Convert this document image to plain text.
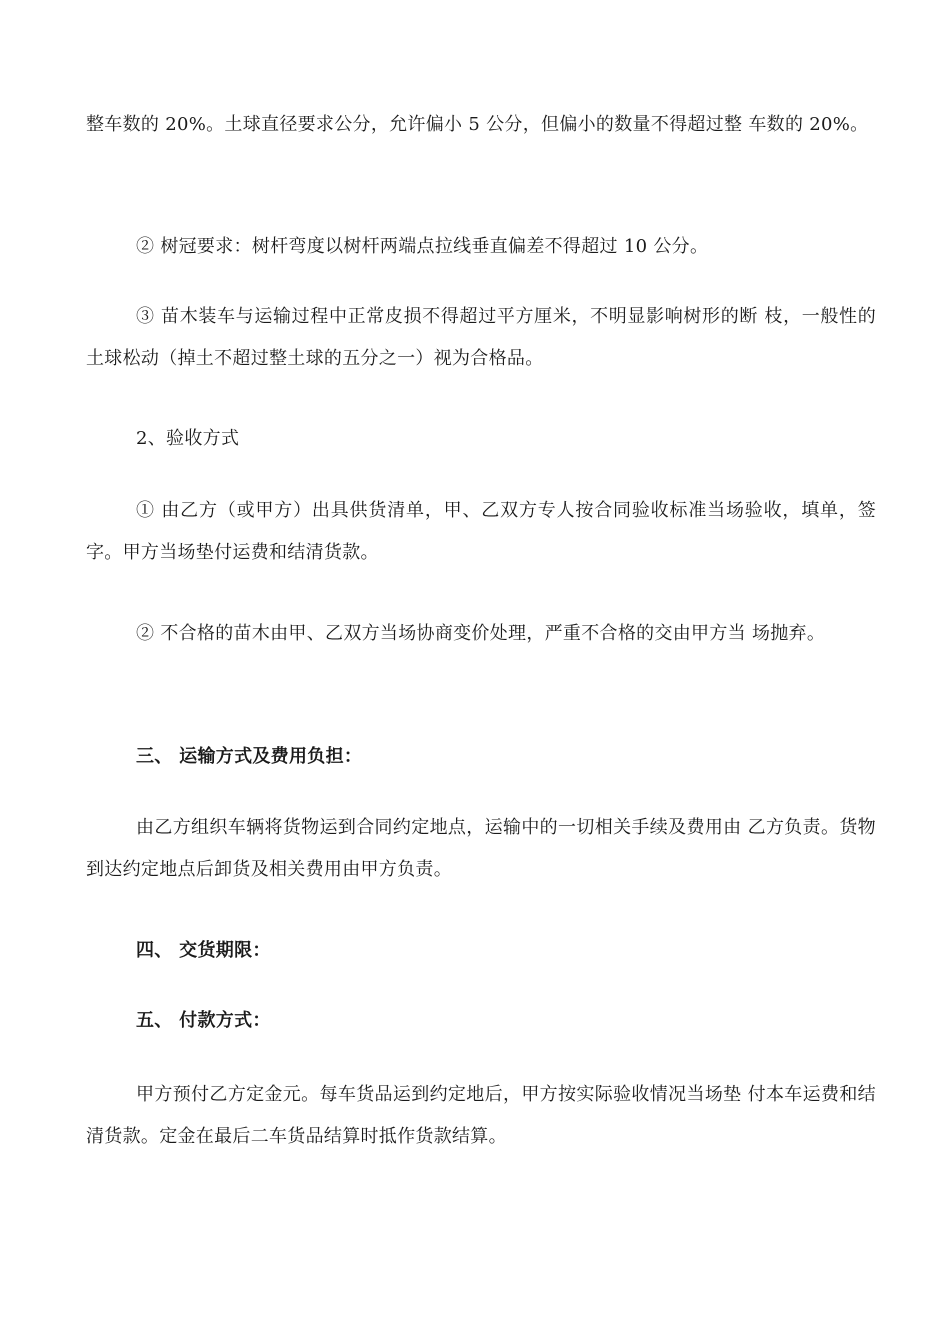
整车数的 20%。土球直径要求公分，允许偏小 5 公分，但偏小的数量不得超过整 车数的 20%。

② 树冠要求：树杆弯度以树杆两端点拉线垂直偏差不得超过 10 公分。

③ 苗木装车与运输过程中正常皮损不得超过平方厘米，不明显影响树形的断 枝，一般性的土球松动（掉土不超过整土球的五分之一）视为合格品。

2、验收方式

① 由乙方（或甲方）出具供货清单，甲、乙双方专人按合同验收标准当场验收，填单，签字。甲方当场垫付运费和结清货款。

② 不合格的苗木由甲、乙双方当场协商变价处理，严重不合格的交由甲方当 场抛弃。

三、 运输方式及费用负担：

由乙方组织车辆将货物运到合同约定地点，运输中的一切相关手续及费用由 乙方负责。货物到达约定地点后卸货及相关费用由甲方负责。

四、 交货期限：

五、 付款方式：

甲方预付乙方定金元。每车货品运到约定地后，甲方按实际验收情况当场垫 付本车运费和结清货款。定金在最后二车货品结算时抵作货款结算。
